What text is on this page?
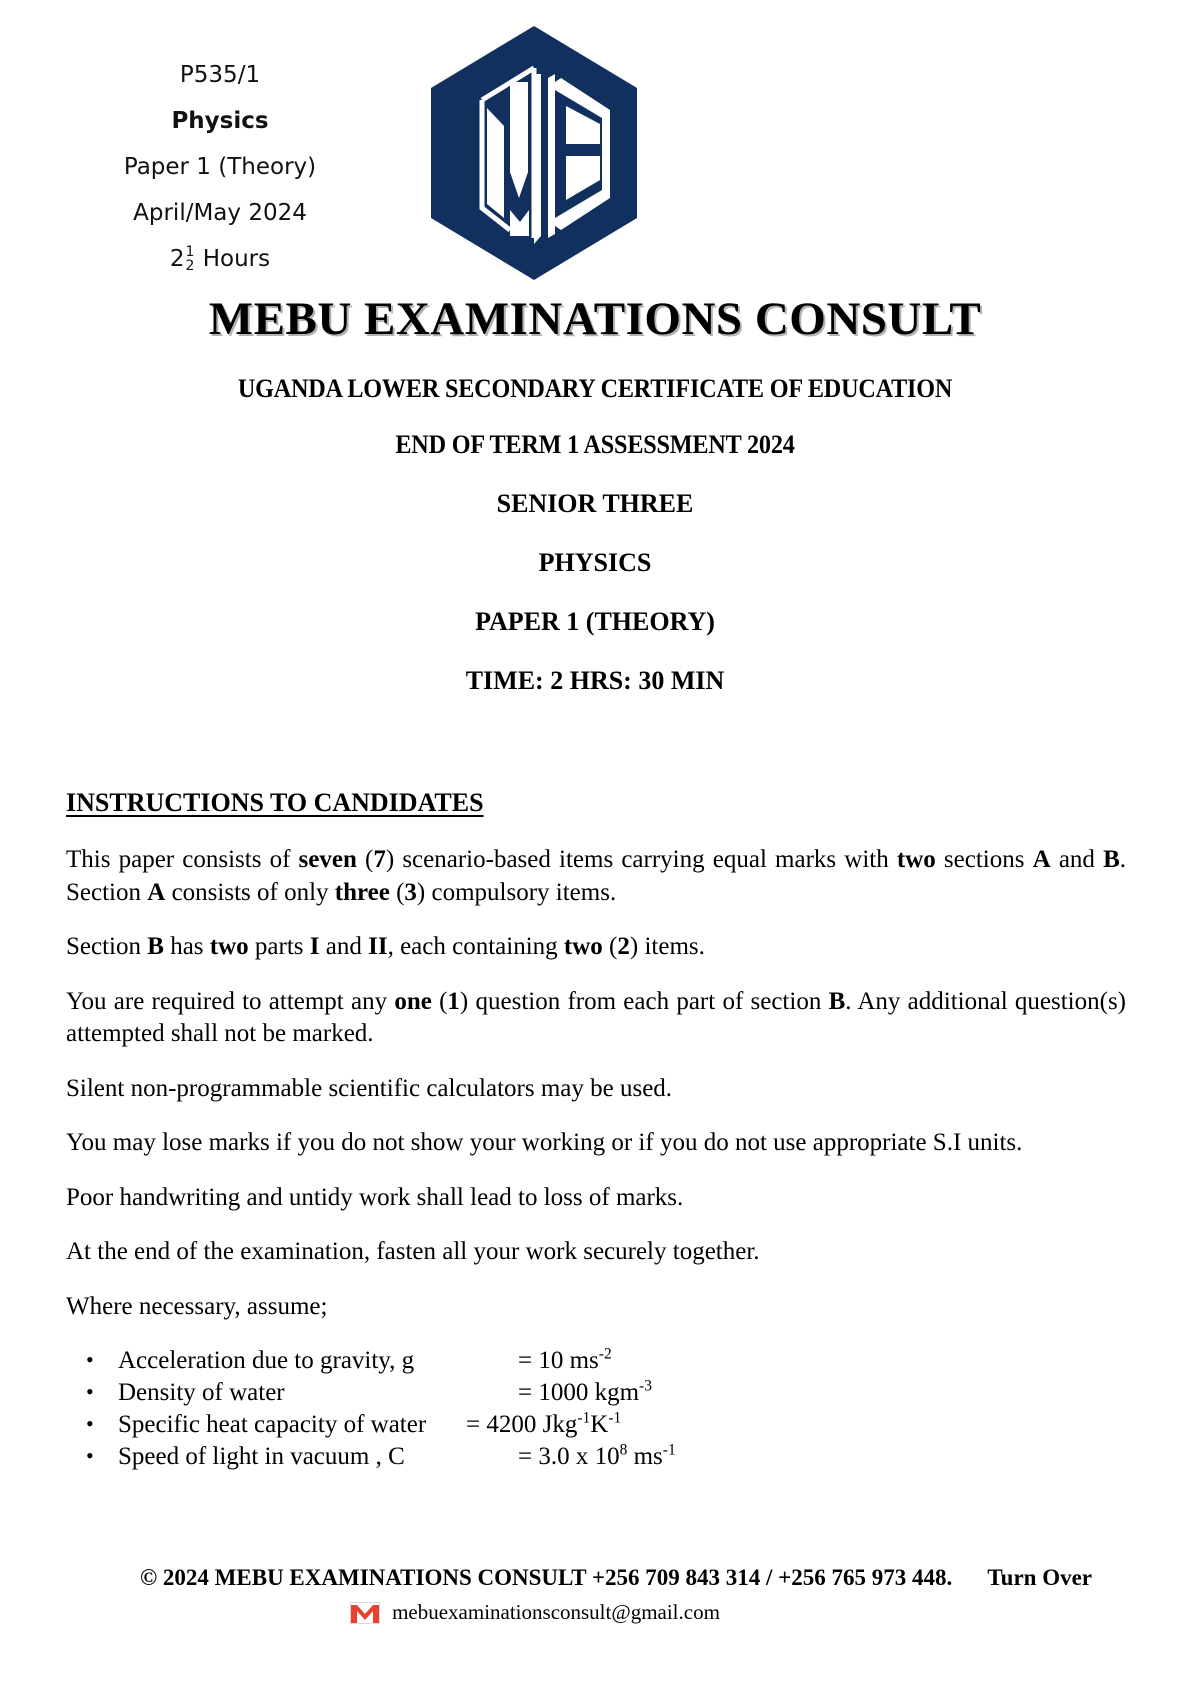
P535/1
Physics
Paper 1 (Theory)
April/May 2024
2 1
2 Hours
MEBU EXAMINATIONS CONSULT
UGANDA LOWER SECONDARY CERTIFICATE OF EDUCATION
END OF TERM 1 ASSESSMENT 2024
SENIOR THREE
PHYSICS
PAPER 1 (THEORY)
TIME: 2 HRS: 30 MIN
INSTRUCTIONS TO CANDIDATES

This paper consists of seven (7) scenario-based items carrying equal marks with two sections A and B. Section A consists of only three (3) compulsory items.

Section B has two parts I and II, each containing two (2) items.

You are required to attempt any one (1) question from each part of section B. Any additional question(s) attempted shall not be marked.

Silent non-programmable scientific calculators may be used.

You may lose marks if you do not show your working or if you do not use appropriate S.I units.

Poor handwriting and untidy work shall lead to loss of marks.

At the end of the examination, fasten all your work securely together.

Where necessary, assume;

• Acceleration due to gravity, g	= 10 $ms^{-2}$
• Density of water	= 1000 kgm$^{-3}$
• Specific heat capacity of water = 4200 $Jkg^{-1}K^{-1}$
• Speed of light in vacuum , C	= 3.0 x $10^8$ $ms^{-1}$
© 2024 MEBU EXAMINATIONS CONSULT +256 709 843 314 / +256 765 973 448. Turn Over
mebuexaminationsconsult@gmail.com
